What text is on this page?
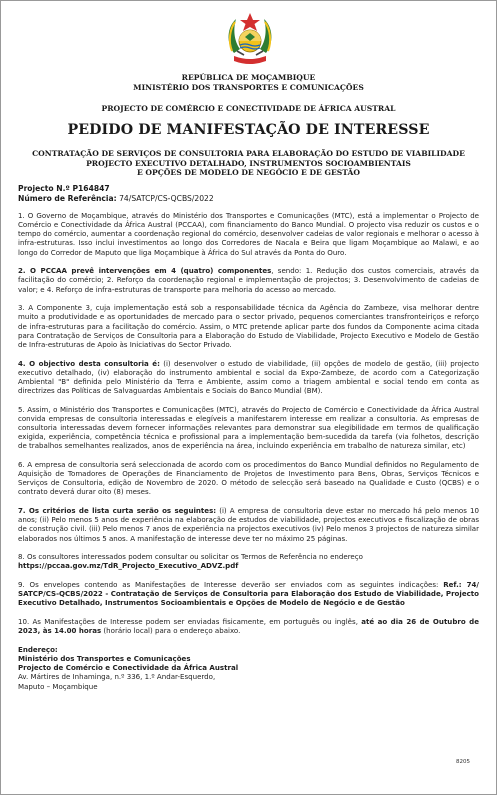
REPÚBLICA DE MOÇAMBIQUE
MINISTÉRIO DOS TRANSPORTES E COMUNICAÇÕES
PROJECTO DE COMÉRCIO E CONECTIVIDADE DE ÁFRICA AUSTRAL
PEDIDO DE MANIFESTAÇÃO DE INTERESSE
CONTRATAÇÃO DE SERVIÇOS DE CONSULTORIA PARA ELABORAÇÃO DO ESTUDO DE VIABILIDADE
PROJECTO EXECUTIVO DETALHADO, INSTRUMENTOS SOCIOAMBIENTAIS
E OPÇÕES DE MODELO DE NEGÓCIO E DE GESTÃO
Projecto N.º P164847
Número de Referência: 74/SATCP/CS-QCBS/2022

1. O Governo de Moçambique, através do Ministério dos Transportes e Comunicações (MTC), está a implementar o Projecto de Comércio e Conectividade da África Austral (PCCAA), com financiamento do Banco Mundial. O projecto visa reduzir os custos e o tempo do comércio, aumentar a coordenação regional do comércio, desenvolver cadeias de valor regionais e melhorar o acesso à infra-estruturas. Isso inclui investimentos ao longo dos Corredores de Nacala e Beira que ligam Moçambique ao Malawi, e ao longo do Corredor de Maputo que liga Moçambique à África do Sul através da Ponta do Ouro.

2. O PCCAA prevê intervenções em 4 (quatro) componentes, sendo: 1. Redução dos custos comerciais, através da facilitação do comércio; 2. Reforço da coordenação regional e implementação de projectos; 3. Desenvolvimento de cadeias de valor; e 4. Reforço de infra-estruturas de transporte para melhoria do acesso ao mercado.

3. A Componente 3, cuja implementação está sob a responsabilidade técnica da Agência do Zambeze, visa melhorar dentre muito a produtividade e as oportunidades de mercado para o sector privado, pequenos comerciantes transfronteiriços e reforço de infra-estruturas para a facilitação do comércio. Assim, o MTC pretende aplicar parte dos fundos da Componente acima citada para Contratação de Serviços de Consultoria para a Elaboração do Estudo de Viabilidade, Projecto Executivo e Modelo de Gestão de Infra-estruturas de Apoio às Iniciativas do Sector Privado.

4. O objectivo desta consultoria é: (i) desenvolver o estudo de viabilidade, (ii) opções de modelo de gestão, (iii) projecto executivo detalhado, (iv) elaboração do instrumento ambiental e social da Expo-Zambeze, de acordo com a Categorização Ambiental "B" definida pelo Ministério da Terra e Ambiente, assim como a triagem ambiental e social tendo em conta as directrizes das Políticas de Salvaguardas Ambientais e Sociais do Banco Mundial (BM).

5. Assim, o Ministério dos Transportes e Comunicações (MTC), através do Projecto de Comércio e Conectividade da África Austral convida empresas de consultoria interessadas e elegíveis a manifestarem interesse em realizar a consultoria. As empresas de consultoria interessadas devem fornecer informações relevantes para demonstrar sua elegibilidade em termos de qualificação exigida, experiência, competência técnica e profissional para a implementação bem-sucedida da tarefa (via folhetos, descrição de trabalhos semelhantes realizados, anos de experiência na área, incluindo experiência em trabalho de natureza similar, etc)

6. A empresa de consultoria será seleccionada de acordo com os procedimentos do Banco Mundial definidos no Regulamento de Aquisição de Tomadores de Operações de Financiamento de Projetos de Investimento para Bens, Obras, Serviços Técnicos e Serviços de Consultoria, edição de Novembro de 2020. O método de selecção será baseado na Qualidade e Custo (QCBS) e o contrato deverá durar oito (8) meses.

7. Os critérios de lista curta serão os seguintes: (i) A empresa de consultoria deve estar no mercado há pelo menos 10 anos; (ii) Pelo menos 5 anos de experiência na elaboração de estudos de viabilidade, projectos executivos e fiscalização de obras de construção civil. (iii) Pelo menos 7 anos de experiência na projectos executivos (iv) Pelo menos 3 projectos de natureza similar elaborados nos últimos 5 anos. A manifestação de interesse deve ter no máximo 25 páginas.

8. Os consultores interessados podem consultar ou solicitar os Termos de Referência no endereço
https://pccaa.gov.mz/TdR_Projecto_Executivo_ADVZ.pdf

9. Os envelopes contendo as Manifestações de Interesse deverão ser enviados com as seguintes indicações: Ref.: 74/ SATCP/CS-QCBS/2022 - Contratação de Serviços de Consultoria para Elaboração dos Estudo de Viabilidade, Projecto Executivo Detalhado, Instrumentos Socioambientais e Opções de Modelo de Negócio e de Gestão

10. As Manifestações de Interesse podem ser enviadas fisicamente, em português ou inglês, até ao dia 26 de Outubro de 2023, às 14.00 horas (horário local) para o endereço abaixo.

Endereço:
Ministério dos Transportes e Comunicações
Projecto de Comércio e Conectividade da África Austral
Av. Mártires de Inhaminga, n.º 336, 1.º Andar-Esquerdo,
Maputo – Moçambique
8205
